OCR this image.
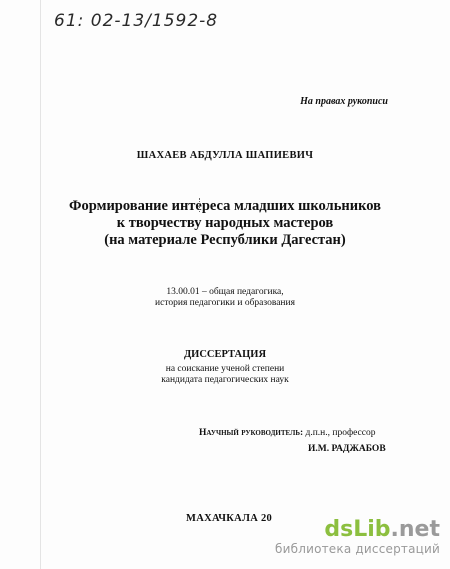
61: 02-13/1592-8
На правах рукописи
ШАХАЕВ АБДУЛЛА ШАПИЕВИЧ
Формирование интереса младших школьников
к творчеству народных мастеров
(на материале Республики Дагестан)
13.00.01 – общая педагогика,
история педагогики и образования
ДИССЕРТАЦИЯ
на соискание ученой степени
кандидата педагогических наук
Научный руководитель: д.п.н., профессор
И.М. РАДЖАБОВ
МАХАЧКАЛА 20	dsLib.net
библиотека диссертаций
